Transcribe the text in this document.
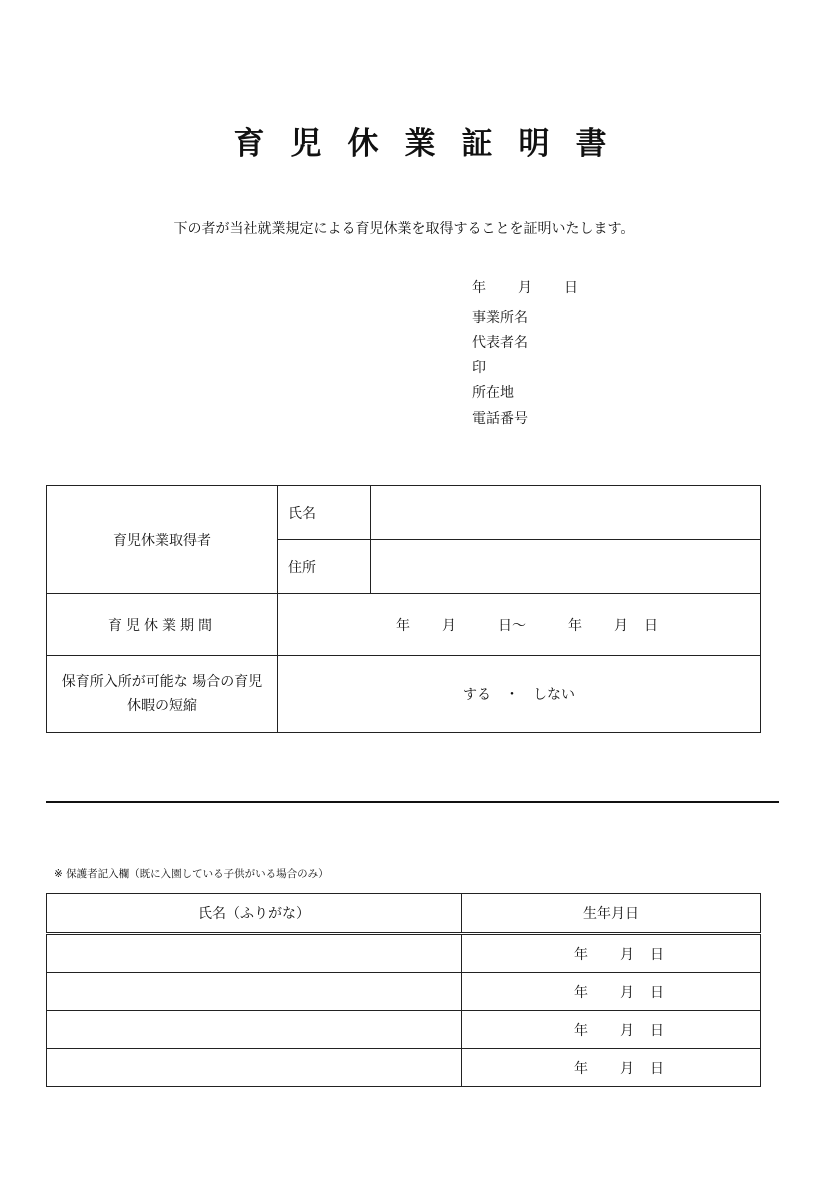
育児休業証明書
下の者が当社就業規定による育児休業を取得することを証明いたします。
年 月 日
事業所名
代表者名
印
所在地
電話番号
育児休業取得者	氏名	
	住所	
育児休業期間	年 月 日～ 年 月 日	
保育所入所が可能な 場合の育児休暇の短縮	する　・　しない	
※ 保護者記入欄（既に入園している子供がいる場合のみ）
氏名（ふりがな）	生年月日
	年 月 日
	年 月 日
	年 月 日
	年 月 日
